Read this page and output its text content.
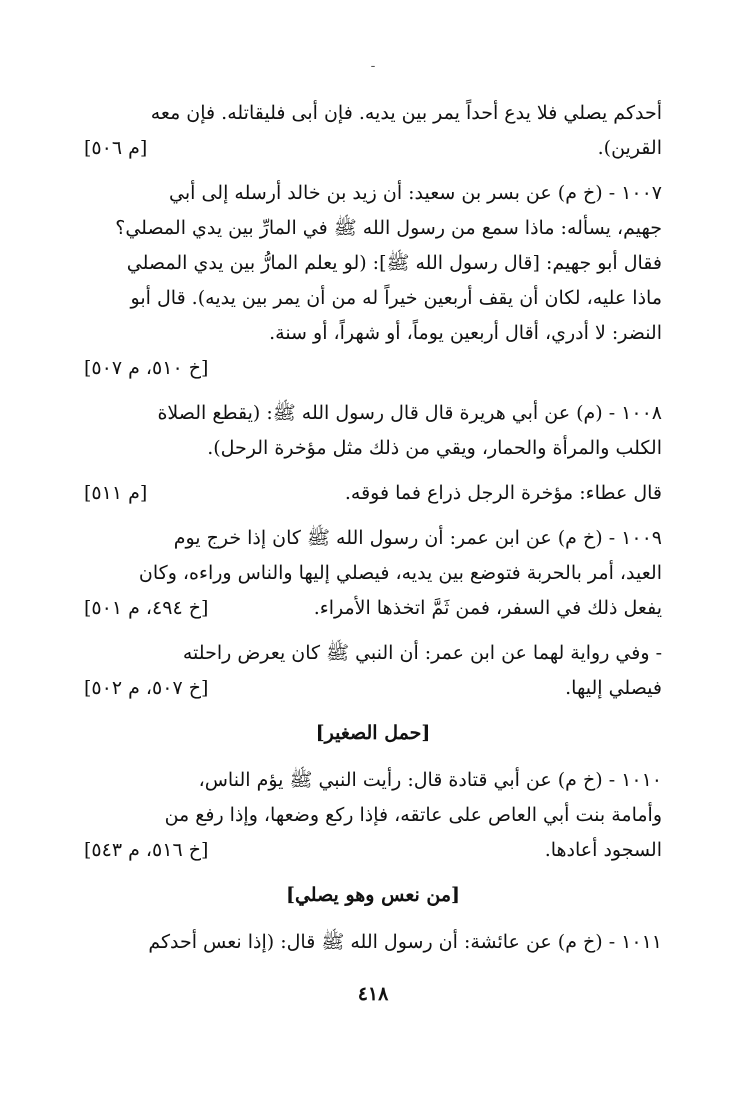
-
أحدكم يصلي فلا يدع أحداً يمر بين يديه. فإن أبى فليقاتله. فإن معه
القرين).
[م ٥٠٦]
١٠٠٧ - (خ م) عن بسر بن سعيد: أن زيد بن خالد أرسله إلى أبي
جهيم، يسأله: ماذا سمع من رسول الله ﷺ في المارِّ بين يدي المصلي؟
فقال أبو جهيم: [قال رسول الله ﷺ]: (لو يعلم المارُّ بين يدي المصلي
ماذا عليه، لكان أن يقف أربعين خيراً له من أن يمر بين يديه). قال أبو
النضر: لا أدري، أقال أربعين يوماً، أو شهراً، أو سنة.
[خ ٥١٠، م ٥٠٧]
١٠٠٨ - (م) عن أبي هريرة قال قال رسول الله ﷺ: (يقطع الصلاة
الكلب والمرأة والحمار، ويقي من ذلك مثل مؤخرة الرحل).
قال عطاء: مؤخرة الرجل ذراع فما فوقه.
[م ٥١١]
١٠٠٩ - (خ م) عن ابن عمر: أن رسول الله ﷺ كان إذا خرج يوم
العيد، أمر بالحربة فتوضع بين يديه، فيصلي إليها والناس وراءه، وكان
يفعل ذلك في السفر، فمن ثَمَّ اتخذها الأمراء.
[خ ٤٩٤، م ٥٠١]
- وفي رواية لهما عن ابن عمر: أن النبي ﷺ كان يعرض راحلته
فيصلي إليها.
[خ ٥٠٧، م ٥٠٢]
[حمل الصغير]
١٠١٠ - (خ م) عن أبي قتادة قال: رأيت النبي ﷺ يؤم الناس،
وأمامة بنت أبي العاص على عاتقه، فإذا ركع وضعها، وإذا رفع من
السجود أعادها.
[خ ٥١٦، م ٥٤٣]
[من نعس وهو يصلي]
١٠١١ - (خ م) عن عائشة: أن رسول الله ﷺ قال: (إذا نعس أحدكم
٤١٨
